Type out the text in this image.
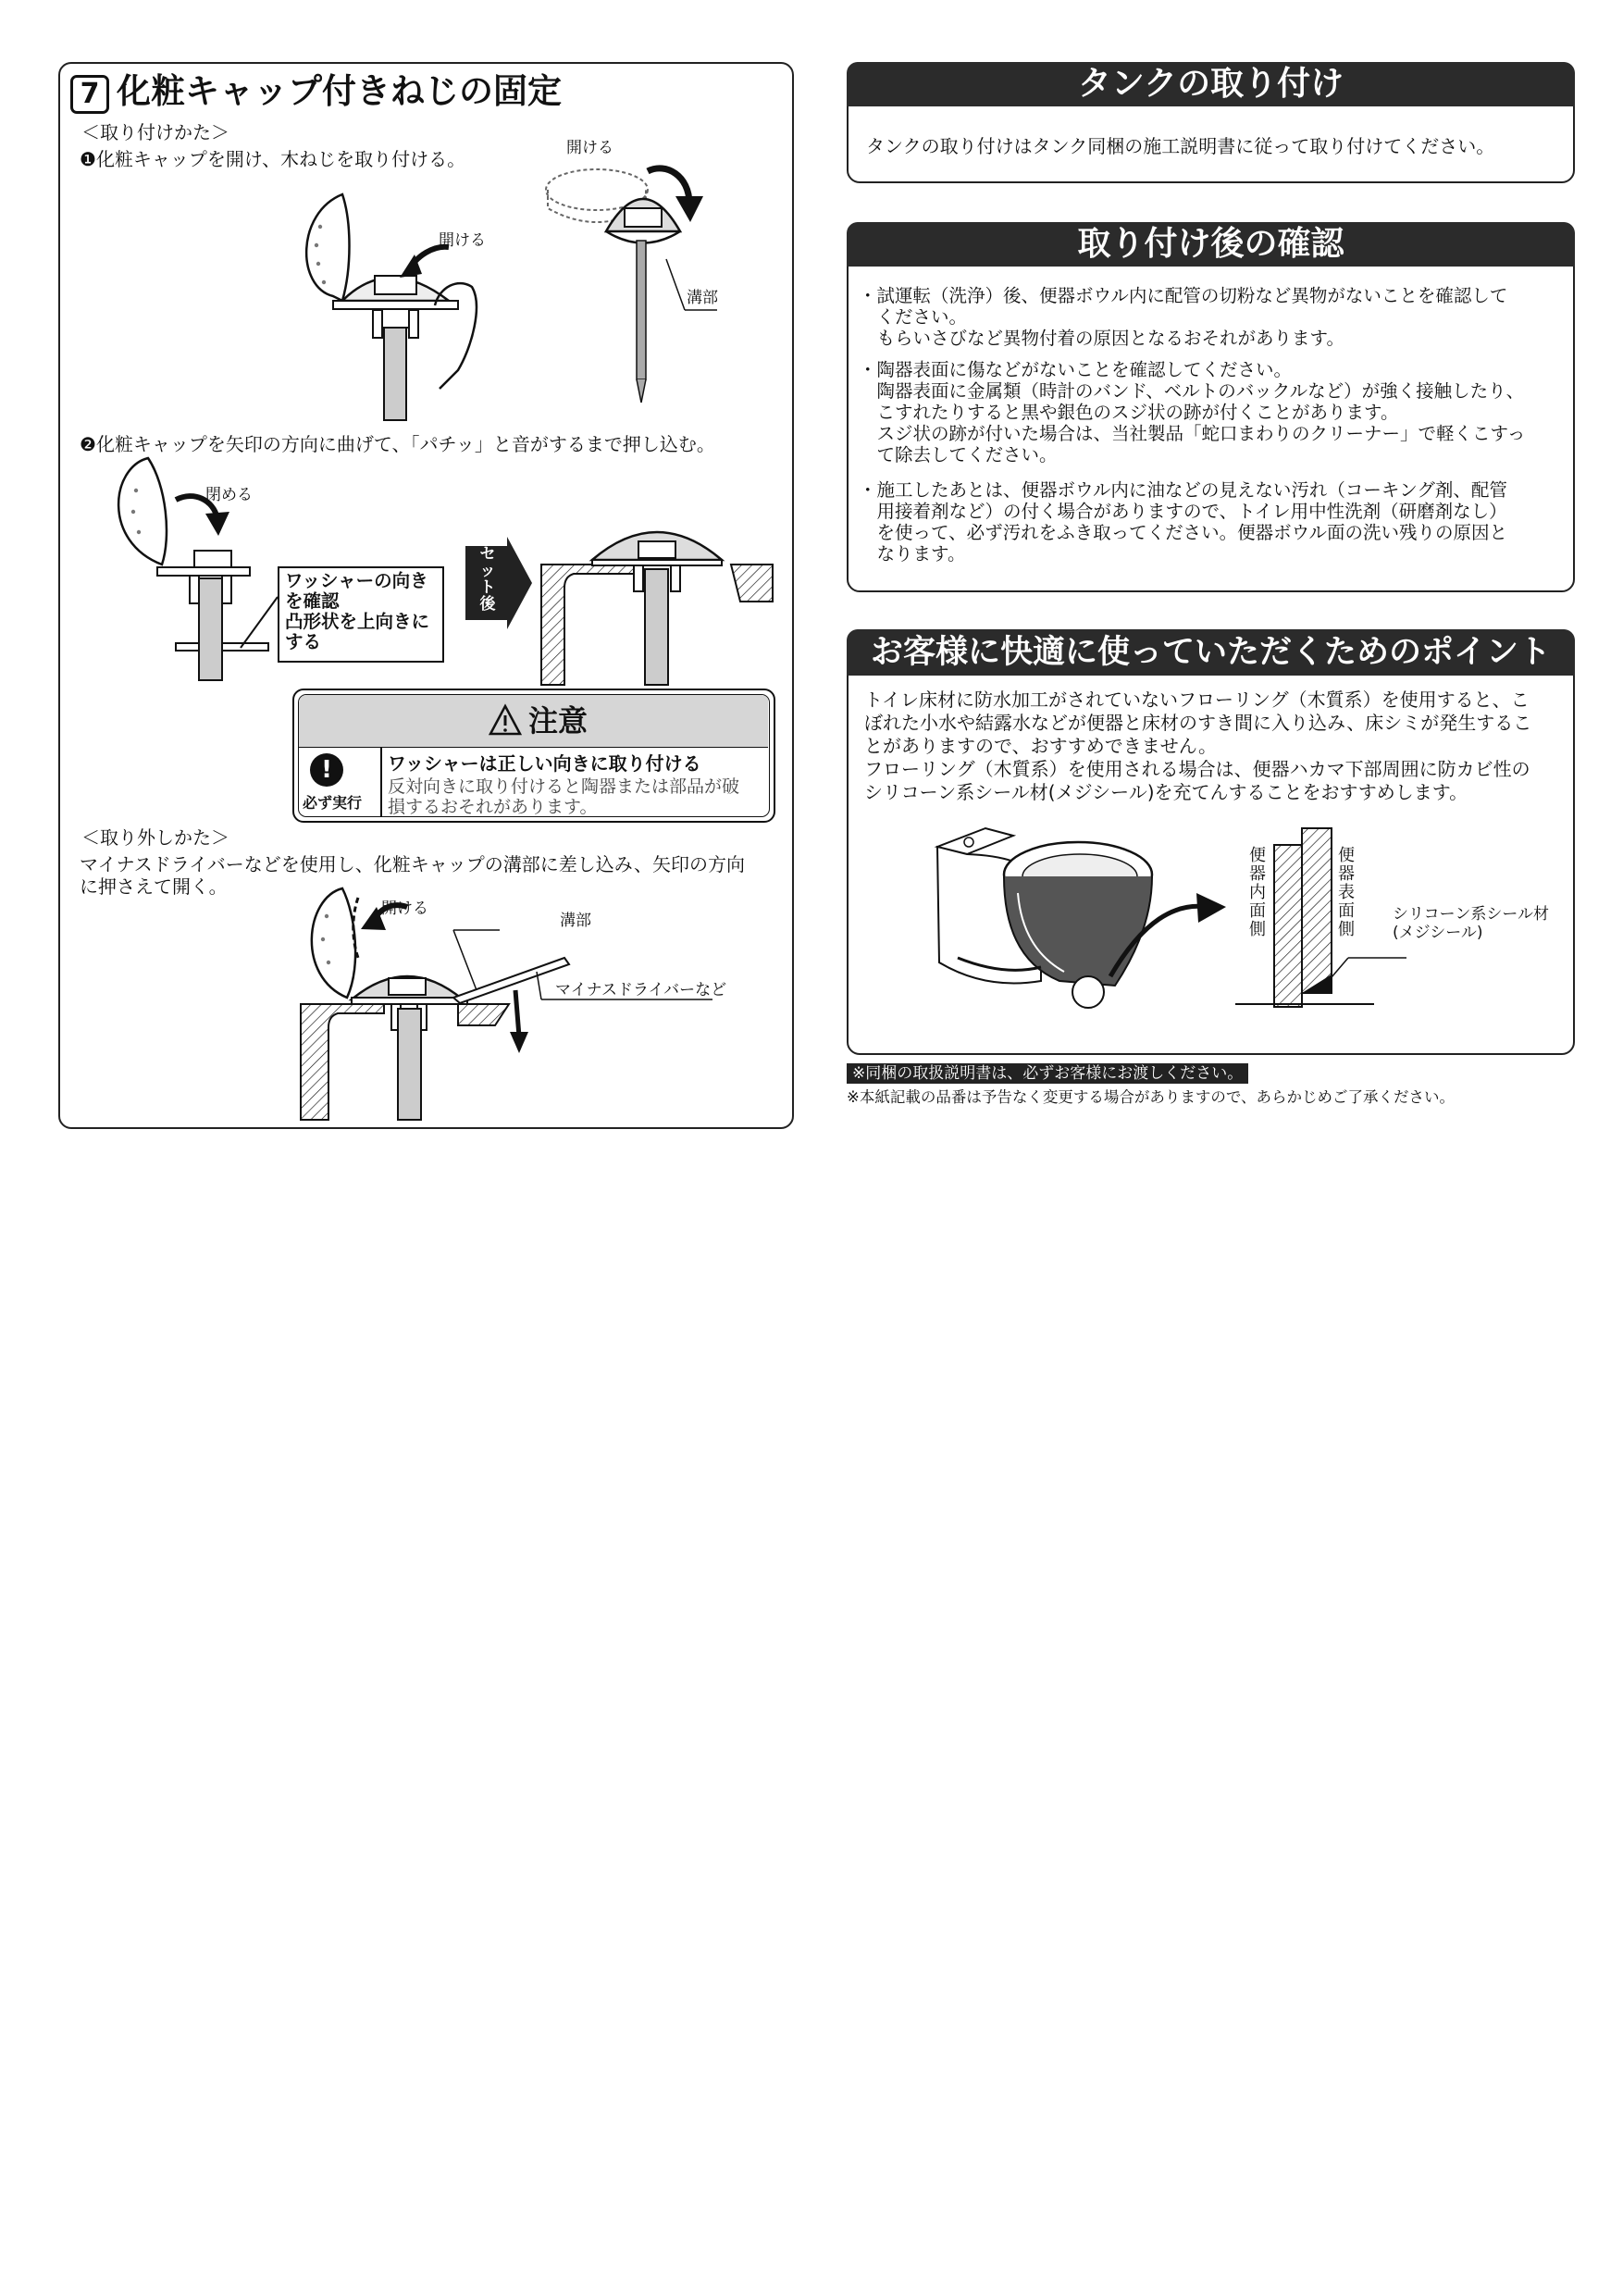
7 化粧キャップ付きねじの固定
＜取り付けかた＞
❶化粧キャップを開け、木ねじを取り付ける。
開ける
開ける
溝部
❷化粧キャップを矢印の方向に曲げて、「パチッ」と音がするまで押し込む。
閉める
ワッシャーの向き
を確認
凸形状を上向きに
する
セ
ッ
ト
後
注意
!
必ず実行
ワッシャーは正しい向きに取り付ける
反対向きに取り付けると陶器または部品が破
損するおそれがあります。
＜取り外しかた＞
マイナスドライバーなどを使用し、化粧キャップの溝部に差し込み、矢印の方向
に押さえて開く。
開ける
溝部
マイナスドライバーなど
タンクの取り付け
タンクの取り付けはタンク同梱の施工説明書に従って取り付けてください。
取り付け後の確認
・試運転（洗浄）後、便器ボウル内に配管の切粉など異物がないことを確認して
　ください。
　もらいさびなど異物付着の原因となるおそれがあります。
・陶器表面に傷などがないことを確認してください。
　陶器表面に金属類（時計のバンド、ベルトのバックルなど）が強く接触したり、
　こすれたりすると黒や銀色のスジ状の跡が付くことがあります。
　スジ状の跡が付いた場合は、当社製品「蛇口まわりのクリーナー」で軽くこすっ
　て除去してください。
・施工したあとは、便器ボウル内に油などの見えない汚れ（コーキング剤、配管
　用接着剤など）の付く場合がありますので、トイレ用中性洗剤（研磨剤なし）
　を使って、必ず汚れをふき取ってください。便器ボウル面の洗い残りの原因と
　なります。
お客様に快適に使っていただくためのポイント
トイレ床材に防水加工がされていないフローリング（木質系）を使用すると、こ
ぼれた小水や結露水などが便器と床材のすき間に入り込み、床シミが発生するこ
とがありますので、おすすめできません。
フローリング（木質系）を使用される場合は、便器ハカマ下部周囲に防カビ性の
シリコーン系シール材(メジシール)を充てんすることをおすすめします。
便
器
内
面
側
便
器
表
面
側
シリコーン系シール材
(メジシール)
※同梱の取扱説明書は、必ずお客様にお渡しください。
※本紙記載の品番は予告なく変更する場合がありますので、あらかじめご了承ください。
